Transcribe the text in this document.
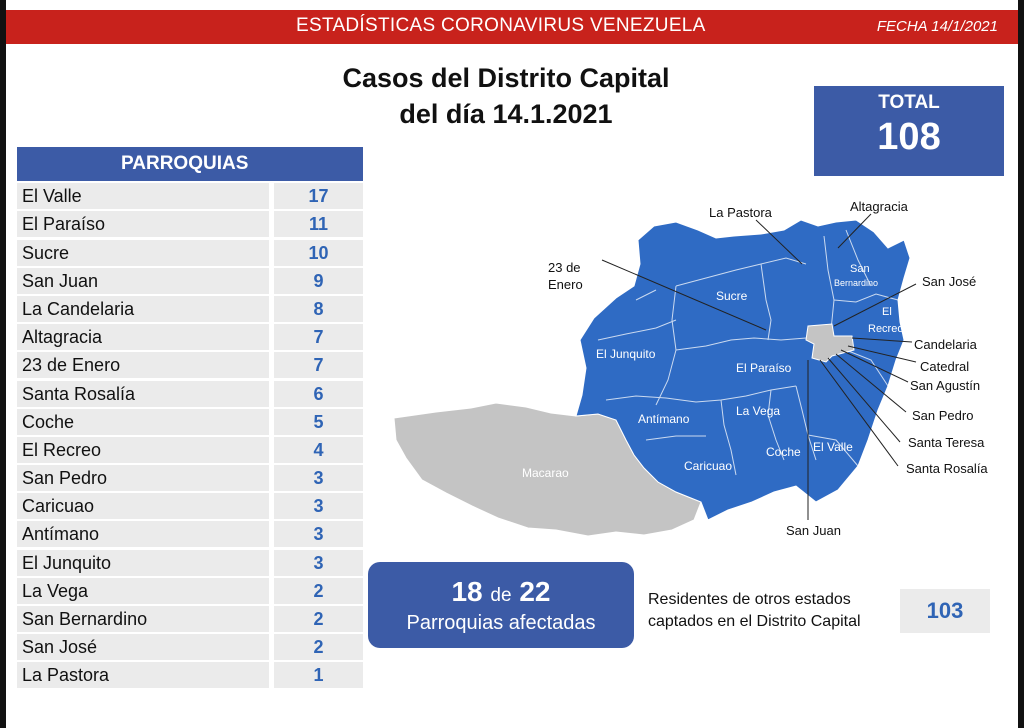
ESTADÍSTICAS CORONAVIRUS VENEZUELA	FECHA 14/1/2021
Casos del Distrito Capital
del día 14.1.2021	TOTAL
108
PARROQUIAS
El Valle	17
El Paraíso	11
Sucre	10
San Juan	9
La Candelaria	8
Altagracia	7
23 de Enero	7
Santa Rosalía	6
Coche	5
El Recreo	4
San Pedro	3
Caricuao	3
Antímano	3
El Junquito	3
La Vega	2
San Bernardino	2
San José	2
La Pastora	1
El Junquito
Sucre
El Paraíso
Antímano
La Vega
Caricuao
Coche El Valle
Macarao
San
Bernardino
El
Recreo
La Pastora	Altagracia
23 de
Enero	San José
Candelaria
Catedral
San Agustín
San Pedro
Santa Teresa
Santa Rosalía
San Juan
18 de 22
Parroquias afectadas
Residentes de otros estados
captados en el Distrito Capital	103
